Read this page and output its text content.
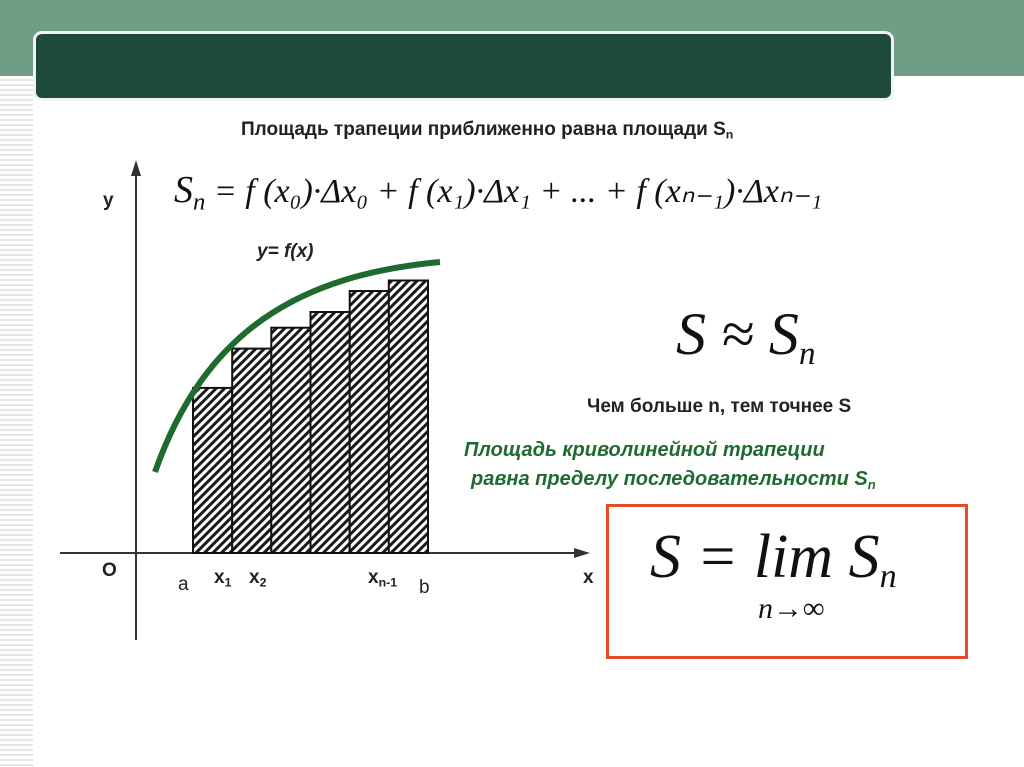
Площадь трапеции приближенно равна площади $S_n$
$S_n = f$ (x₀)·Δx₀ + f (x₁)·Δx₁ + ... + f (xₙ₋₁)·Δxₙ₋₁
y
x
O
y= f(x)
a $x_1$ $x_2$	$x_{n-1}$ b
$S \approx S_n$
Чем больше n, тем точнее S
Площадь криволинейной трапеции
равна пределу последовательности $S_n$
$S = \lim S_n$
n→∞
